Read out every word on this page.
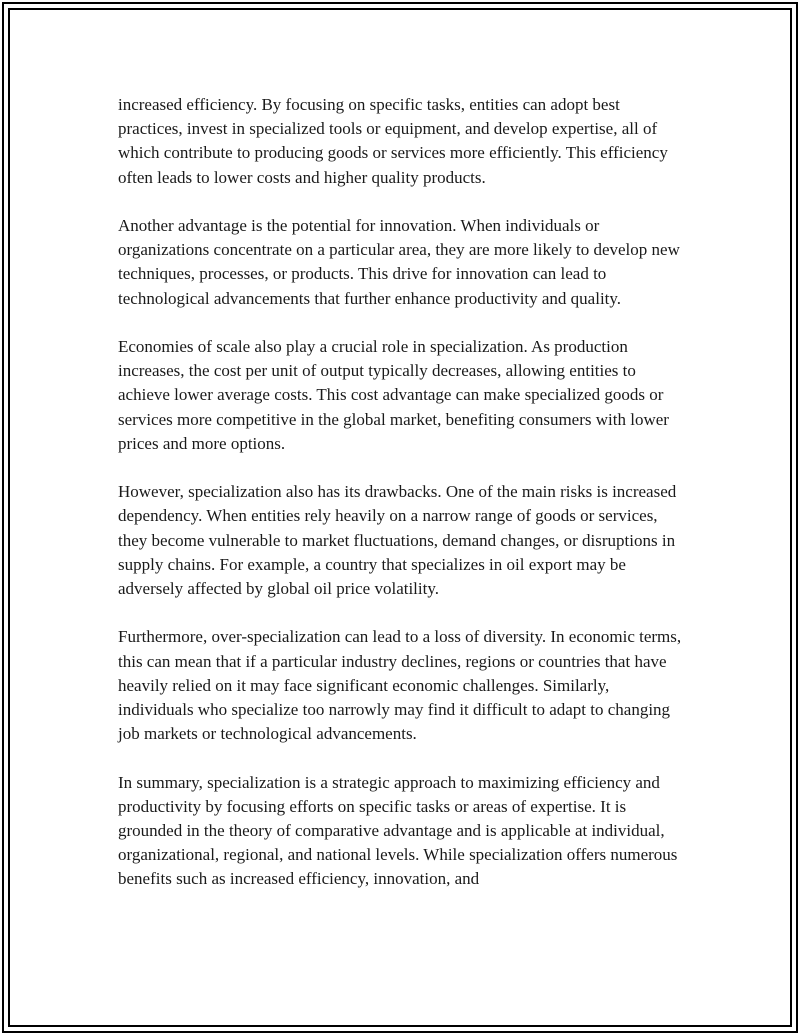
increased efficiency. By focusing on specific tasks, entities can adopt best practices, invest in specialized tools or equipment, and develop expertise, all of which contribute to producing goods or services more efficiently. This efficiency often leads to lower costs and higher quality products.

Another advantage is the potential for innovation. When individuals or organizations concentrate on a particular area, they are more likely to develop new techniques, processes, or products. This drive for innovation can lead to technological advancements that further enhance productivity and quality.

Economies of scale also play a crucial role in specialization. As production increases, the cost per unit of output typically decreases, allowing entities to achieve lower average costs. This cost advantage can make specialized goods or services more competitive in the global market, benefiting consumers with lower prices and more options.

However, specialization also has its drawbacks. One of the main risks is increased dependency. When entities rely heavily on a narrow range of goods or services, they become vulnerable to market fluctuations, demand changes, or disruptions in supply chains. For example, a country that specializes in oil export may be adversely affected by global oil price volatility.

Furthermore, over-specialization can lead to a loss of diversity. In economic terms, this can mean that if a particular industry declines, regions or countries that have heavily relied on it may face significant economic challenges. Similarly, individuals who specialize too narrowly may find it difficult to adapt to changing job markets or technological advancements.

In summary, specialization is a strategic approach to maximizing efficiency and productivity by focusing efforts on specific tasks or areas of expertise. It is grounded in the theory of comparative advantage and is applicable at individual, organizational, regional, and national levels. While specialization offers numerous benefits such as increased efficiency, innovation, and
